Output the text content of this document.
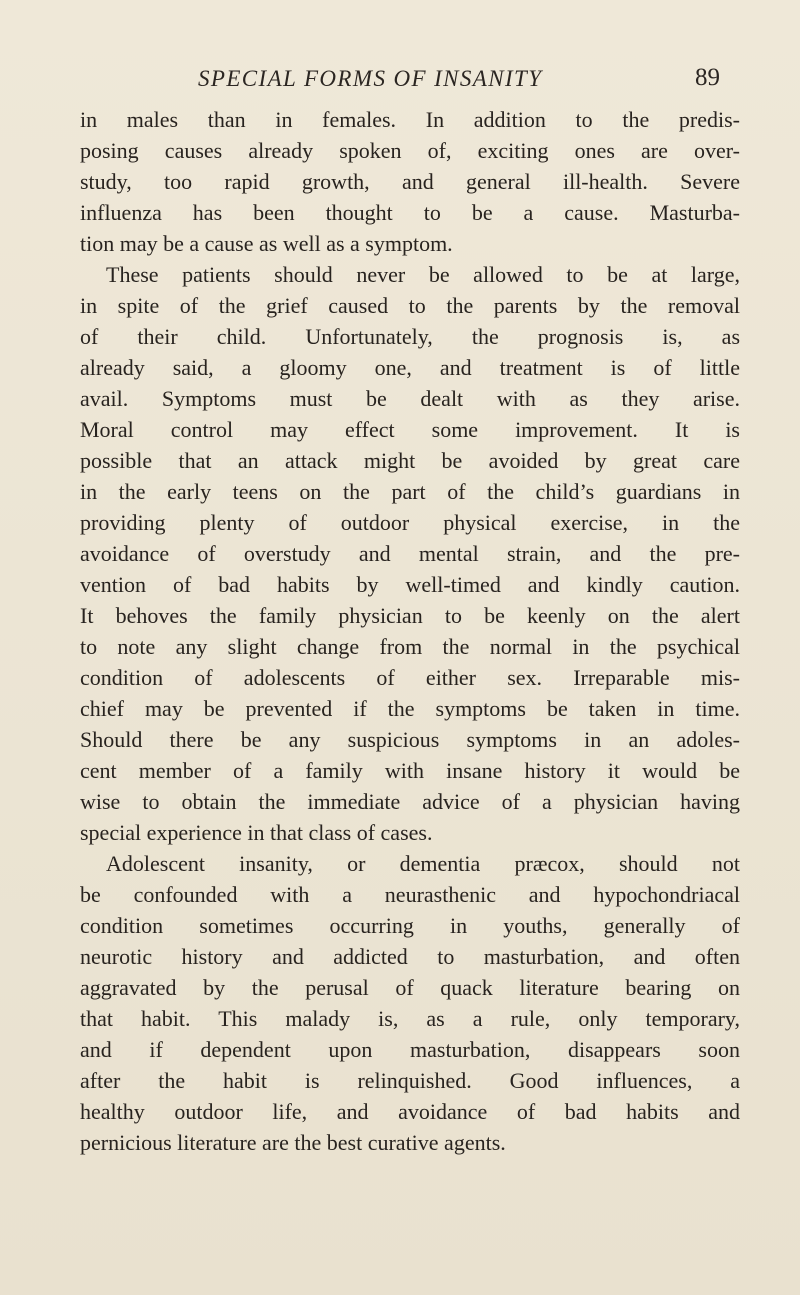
SPECIAL FORMS OF INSANITY	89
in males than in females. In addition to the predis-
posing causes already spoken of, exciting ones are over-
study, too rapid growth, and general ill-health. Severe
influenza has been thought to be a cause. Masturba-
tion may be a cause as well as a symptom.
These patients should never be allowed to be at large,
in spite of the grief caused to the parents by the removal
of their child. Unfortunately, the prognosis is, as
already said, a gloomy one, and treatment is of little
avail. Symptoms must be dealt with as they arise.
Moral control may effect some improvement. It is
possible that an attack might be avoided by great care
in the early teens on the part of the child’s guardians in
providing plenty of outdoor physical exercise, in the
avoidance of overstudy and mental strain, and the pre-
vention of bad habits by well-timed and kindly caution.
It behoves the family physician to be keenly on the alert
to note any slight change from the normal in the psychical
condition of adolescents of either sex. Irreparable mis-
chief may be prevented if the symptoms be taken in time.
Should there be any suspicious symptoms in an adoles-
cent member of a family with insane history it would be
wise to obtain the immediate advice of a physician having
special experience in that class of cases.
Adolescent insanity, or dementia præcox, should not
be confounded with a neurasthenic and hypochondriacal
condition sometimes occurring in youths, generally of
neurotic history and addicted to masturbation, and often
aggravated by the perusal of quack literature bearing on
that habit. This malady is, as a rule, only temporary,
and if dependent upon masturbation, disappears soon
after the habit is relinquished. Good influences, a
healthy outdoor life, and avoidance of bad habits and
pernicious literature are the best curative agents.
